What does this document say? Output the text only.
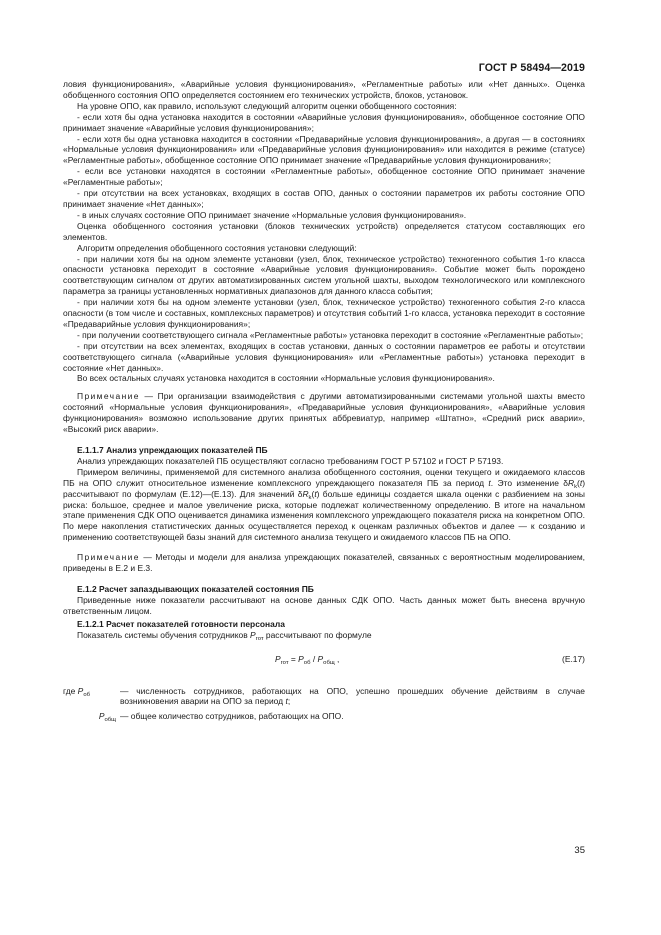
ГОСТ Р 58494—2019

ловия функционирования», «Аварийные условия функционирования», «Регламентные работы» или «Нет данных». Оценка обобщенного состояния ОПО определяется состоянием его технических устройств, блоков, установок.

На уровне ОПО, как правило, используют следующий алгоритм оценки обобщенного состояния:

- если хотя бы одна установка находится в состоянии «Аварийные условия функционирования», обобщенное состояние ОПО принимает значение «Аварийные условия функционирования»;

- если хотя бы одна установка находится в состоянии «Предаварийные условия функционирования», а другая — в состояниях «Нормальные условия функционирования» или «Предаварийные условия функционирования» или находится в режиме (статусе) «Регламентные работы», обобщенное состояние ОПО принимает значение «Предаварийные условия функционирования»;

- если все установки находятся в состоянии «Регламентные работы», обобщенное состояние ОПО принимает значение «Регламентные работы»;

- при отсутствии на всех установках, входящих в состав ОПО, данных о состоянии параметров их работы состояние ОПО принимает значение «Нет данных»;

- в иных случаях состояние ОПО принимает значение «Нормальные условия функционирования».

Оценка обобщенного состояния установки (блоков технических устройств) определяется статусом составляющих его элементов.

Алгоритм определения обобщенного состояния установки следующий:

- при наличии хотя бы на одном элементе установки (узел, блок, техническое устройство) техногенного события 1-го класса опасности установка переходит в состояние «Аварийные условия функционирования». Событие может быть порождено соответствующим сигналом от других автоматизированных систем угольной шахты, выходом технологического или комплексного параметра за границы установленных нормативных диапазонов для данного класса события;

- при наличии хотя бы на одном элементе установки (узел, блок, техническое устройство) техногенного события 2-го класса опасности (в том числе и составных, комплексных параметров) и отсутствия событий 1-го класса, установка переходит в состояние «Предаварийные условия функционирования»;

- при получении соответствующего сигнала «Регламентные работы» установка переходит в состояние «Регламентные работы»;

- при отсутствии на всех элементах, входящих в состав установки, данных о состоянии параметров ее работы и отсутствии соответствующего сигнала («Аварийные условия функционирования» или «Регламентные работы») установка переходит в состояние «Нет данных».

Во всех остальных случаях установка находится в состоянии «Нормальные условия функционирования».

Примечание — При организации взаимодействия с другими автоматизированными системами угольной шахты вместо состояний «Нормальные условия функционирования», «Предаварийные условия функционирования», «Аварийные условия функционирования» возможно использование других принятых аббревиатур, например «Штатно», «Средний риск аварии», «Высокий риск аварии».

Е.1.1.7 Анализ упреждающих показателей ПБ

Анализ упреждающих показателей ПБ осуществляют согласно требованиям ГОСТ Р 57102 и ГОСТ Р 57193.

Примером величины, применяемой для системного анализа обобщенного состояния, оценки текущего и ожидаемого классов ПБ на ОПО служит относительное изменение комплексного упреждающего показателя ПБ за период t. Это изменение $\delta R_k(t)$ рассчитывают по формулам (Е.12)—(Е.13). Для значений $\delta R_k(t)$ больше единицы создается шкала оценки с разбиением на зоны риска: большое, среднее и малое увеличение риска, которые подлежат количественному определению. В итоге на начальном этапе применения СДК ОПО оценивается динамика изменения комплексного упреждающего показателя риска на конкретном ОПО. По мере накопления статистических данных осуществляется переход к оценкам различных объектов и далее — к созданию и применению соответствующей базы знаний для системного анализа текущего и ожидаемого классов ПБ на ОПО.

Примечание — Методы и модели для анализа упреждающих показателей, связанных с вероятностным моделированием, приведены в Е.2 и Е.3.

Е.1.2 Расчет запаздывающих показателей состояния ПБ

Приведенные ниже показатели рассчитывают на основе данных СДК ОПО. Часть данных может быть внесена вручную ответственным лицом.

Е.1.2.1 Расчет показателей готовности персонала

Показатель системы обучения сотрудников $P_{гот}$ рассчитывают по формуле

$P_{гот} = P_{об} / P_{общ}$ ,	(Е.17)
где $P_{об}$	— численность сотрудников, работающих на ОПО, успешно прошедших обучение действиям в случае возникновения аварии на ОПО за период t;
$P_{общ}$ — общее количество сотрудников, работающих на ОПО.
35
